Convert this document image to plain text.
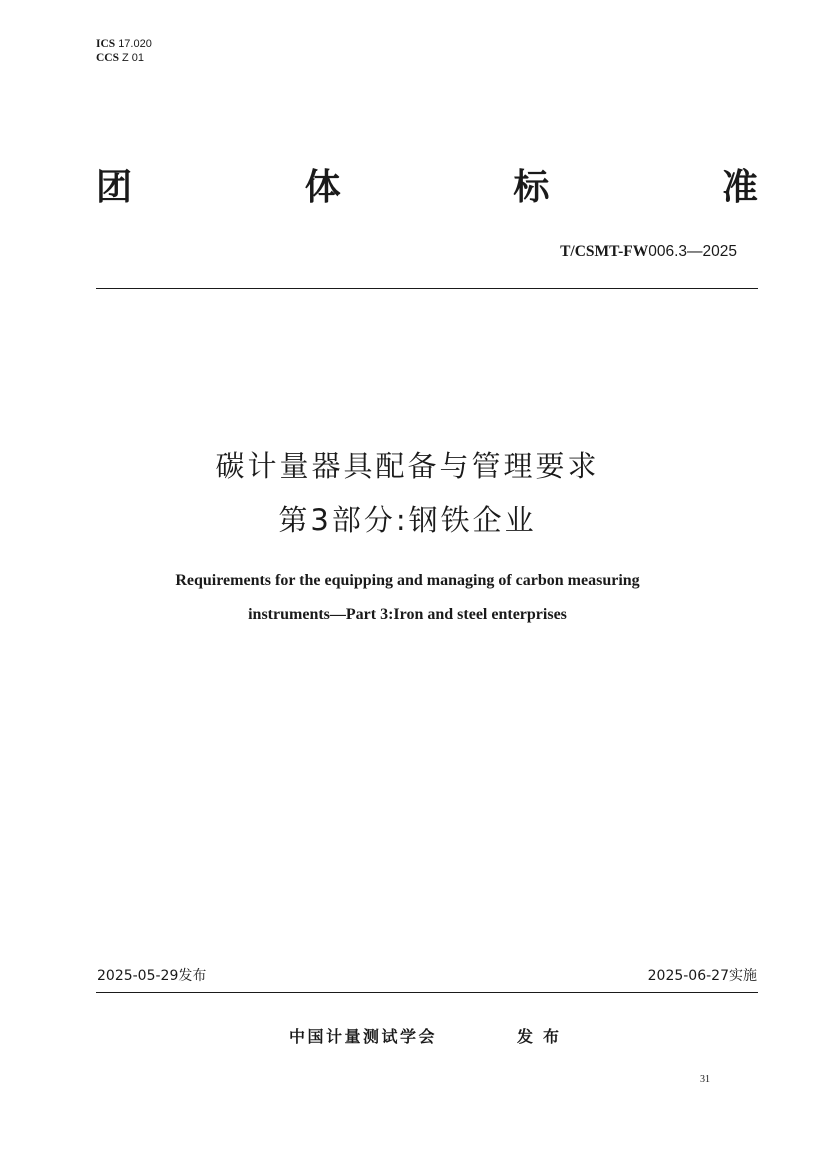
ICS 17.020
CCS Z 01
团	体	标	准
T/CSMT-FW006.3—2025
碳计量器具配备与管理要求
第3部分:钢铁企业
Requirements for the equipping and managing of carbon measuring
instruments—Part 3:Iron and steel enterprises
2025-05-29发布	2025-06-27实施
中国计量测试学会	发布
31
